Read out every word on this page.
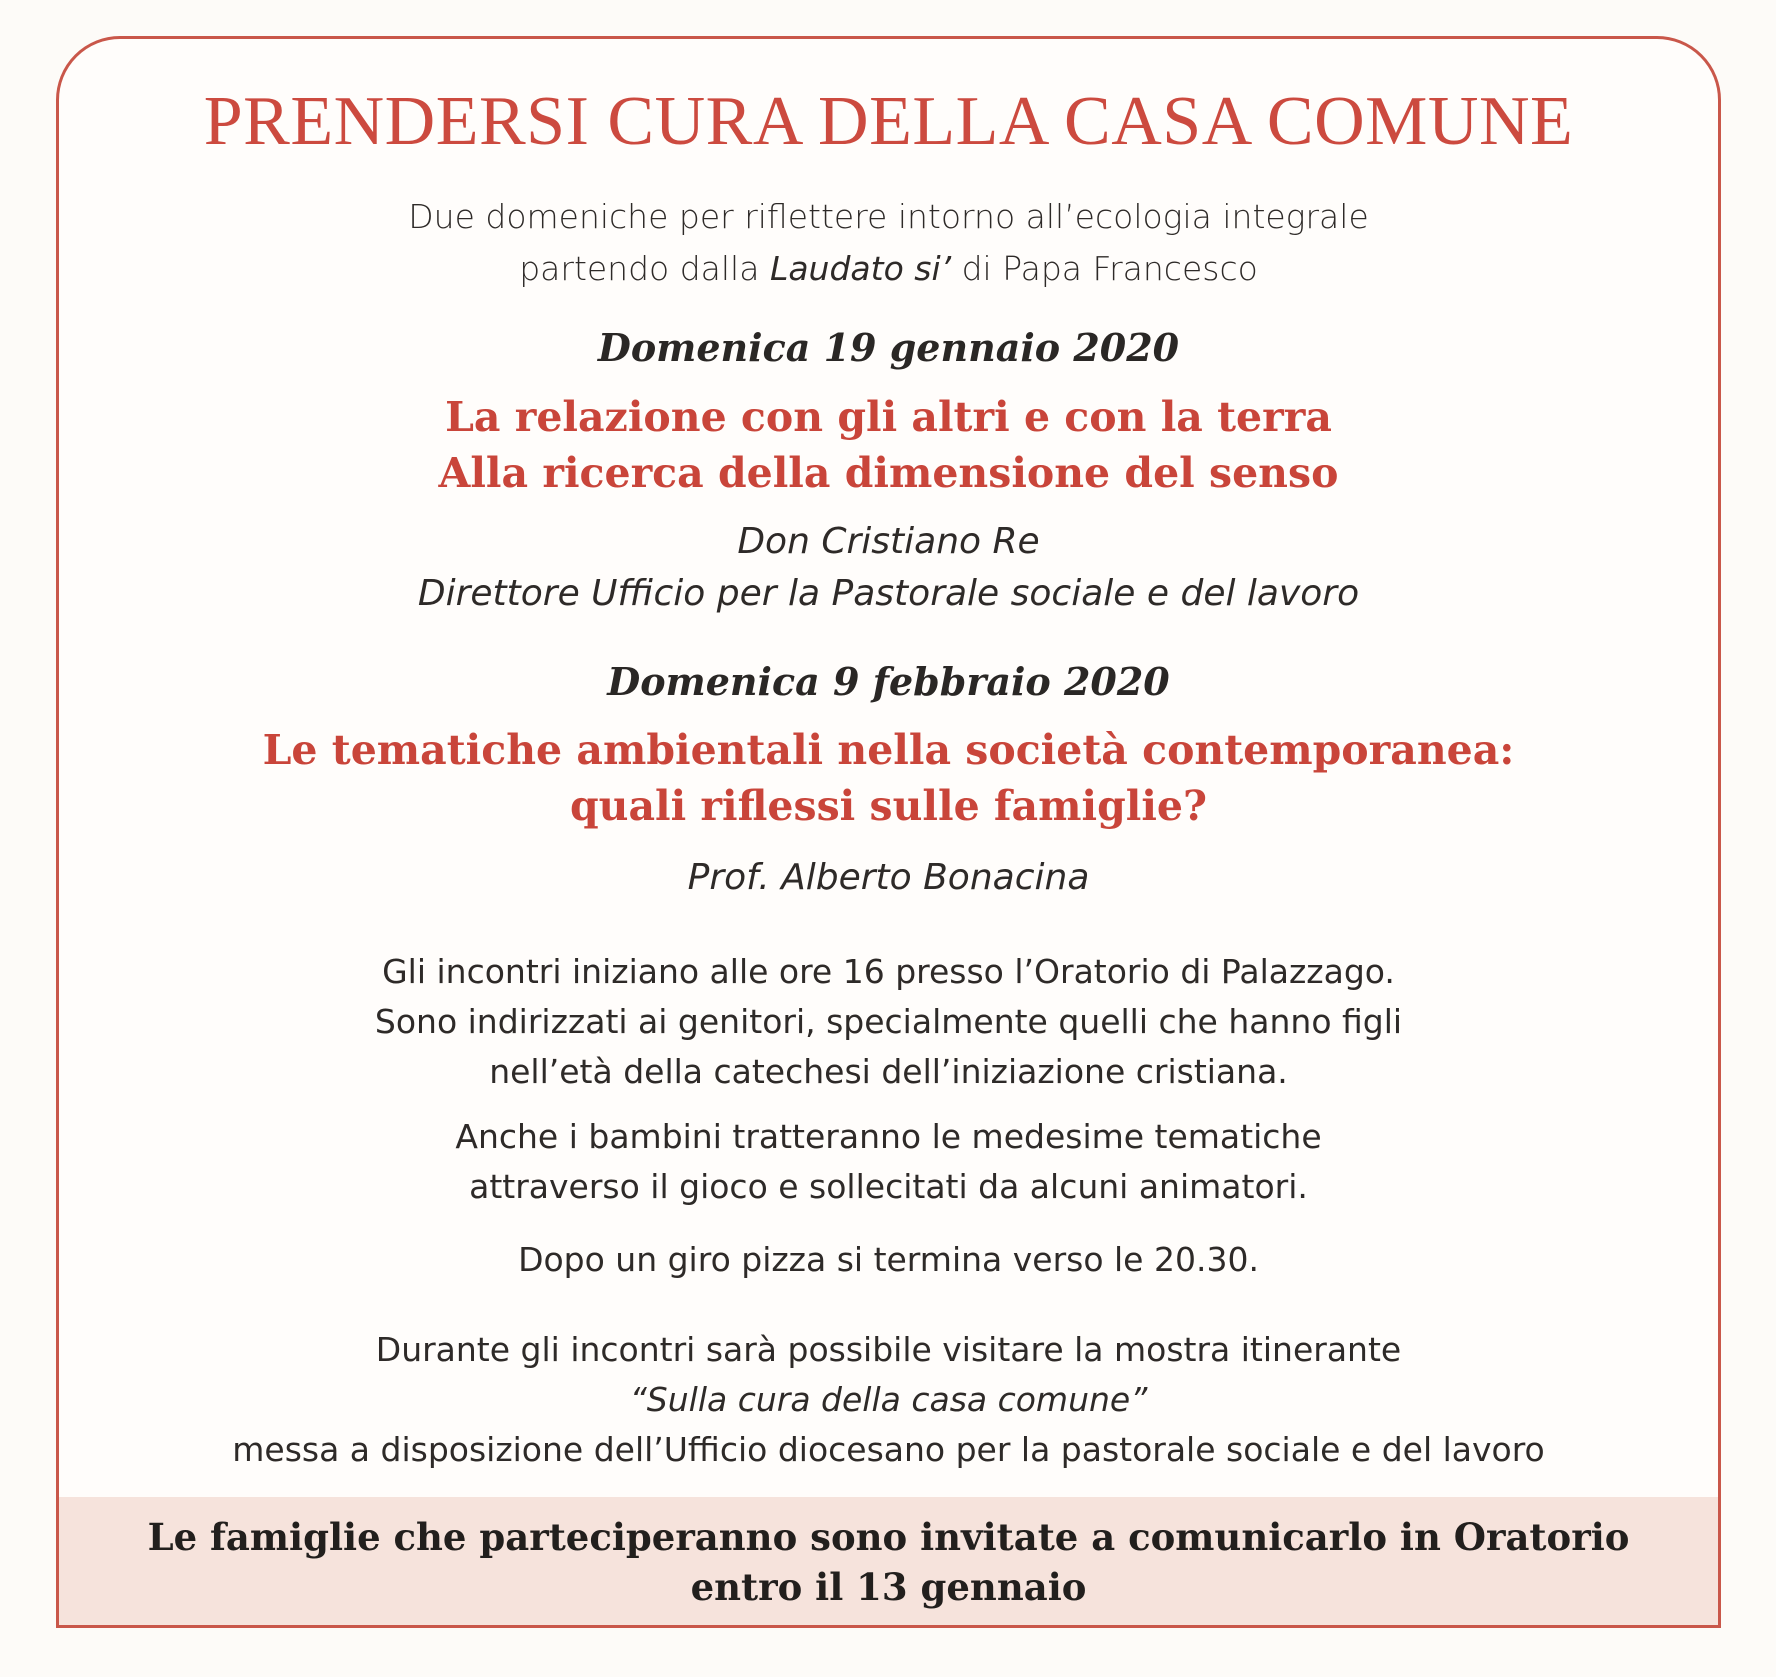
PRENDERSI CURA DELLA CASA COMUNE
Due domeniche per riflettere intorno all’ecologia integrale
partendo dalla Laudato si’ di Papa Francesco
Domenica 19 gennaio 2020
La relazione con gli altri e con la terra
Alla ricerca della dimensione del senso
Don Cristiano Re
Direttore Ufficio per la Pastorale sociale e del lavoro
Domenica 9 febbraio 2020
Le tematiche ambientali nella società contemporanea:
quali riflessi sulle famiglie?
Prof. Alberto Bonacina
Gli incontri iniziano alle ore 16 presso l’Oratorio di Palazzago.
Sono indirizzati ai genitori, specialmente quelli che hanno figli
nell’età della catechesi dell’iniziazione cristiana.
Anche i bambini tratteranno le medesime tematiche
attraverso il gioco e sollecitati da alcuni animatori.
Dopo un giro pizza si termina verso le 20.30.
Durante gli incontri sarà possibile visitare la mostra itinerante
“Sulla cura della casa comune”
messa a disposizione dell’Ufficio diocesano per la pastorale sociale e del lavoro
Le famiglie che parteciperanno sono invitate a comunicarlo in Oratorio
entro il 13 gennaio
